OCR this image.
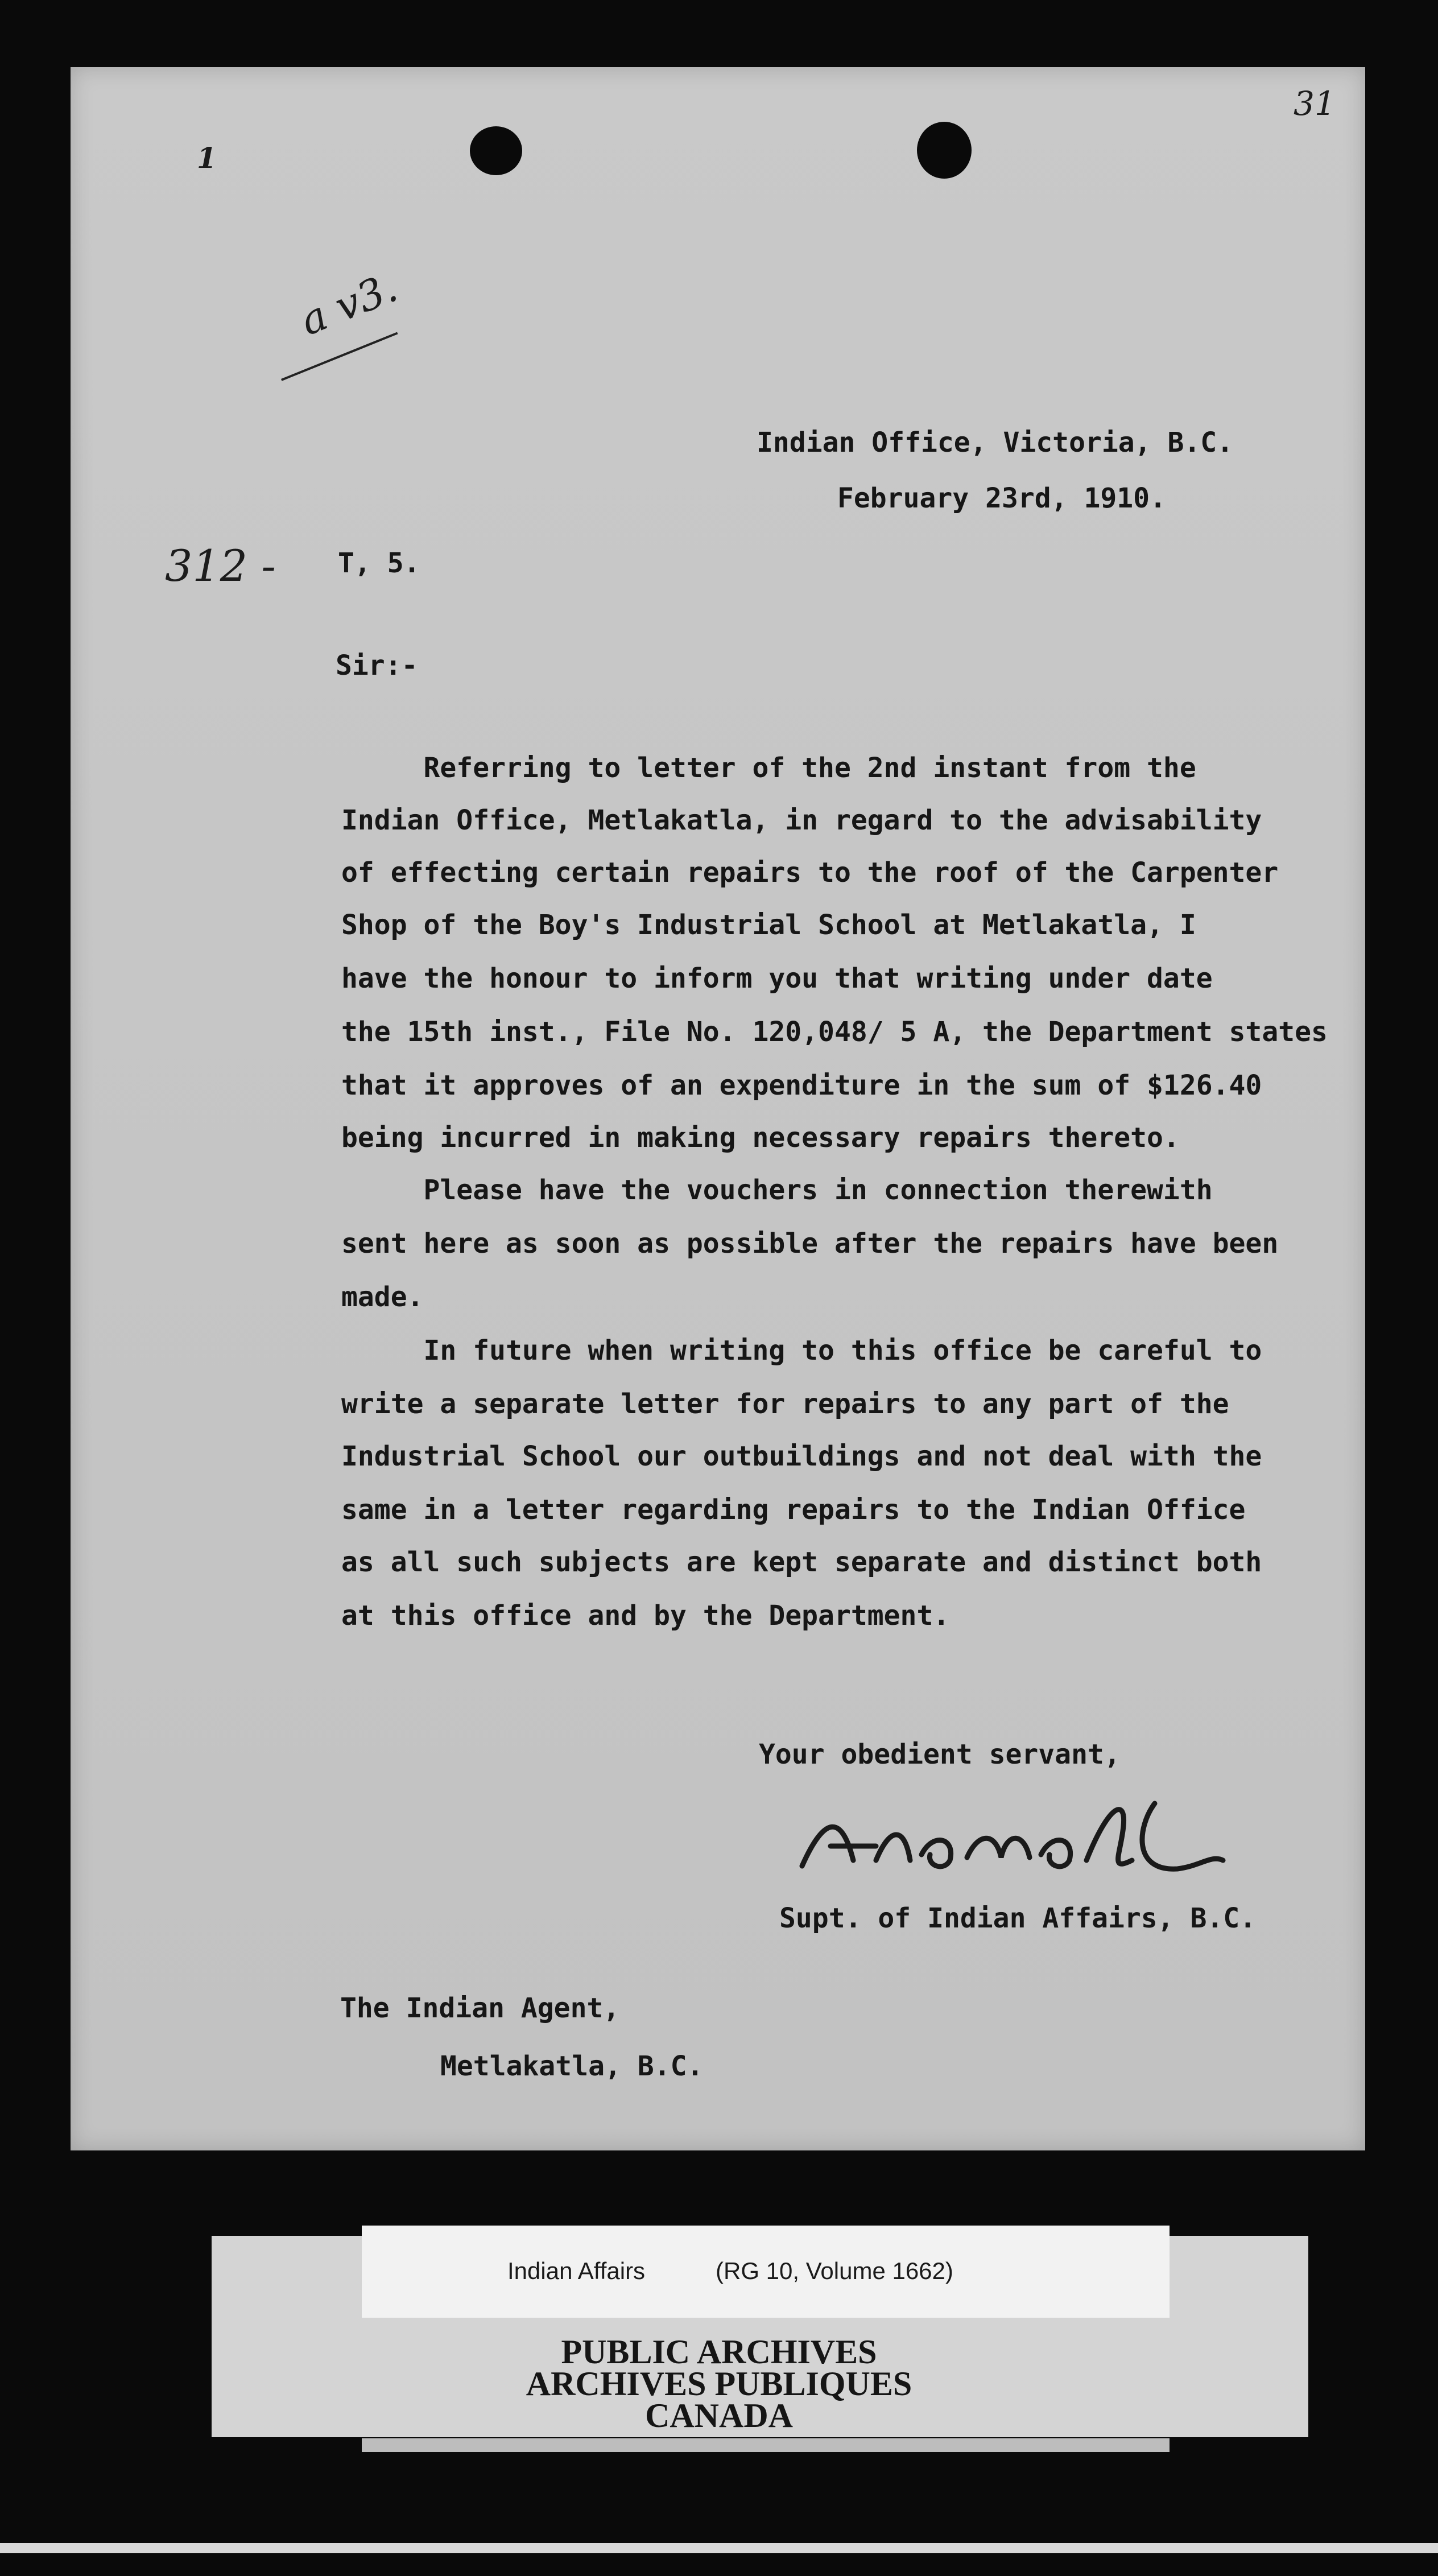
31
1
a v3.
Indian Office, Victoria, B.C.
February 23rd, 1910.
312 - T, 5.
Sir:-
Referring to letter of the 2nd instant from the
Indian Office, Metlakatla, in regard to the advisability
of effecting certain repairs to the roof of the Carpenter
Shop of the Boy's Industrial School at Metlakatla, I
have the honour to inform you that writing under date
the 15th inst., File No. 120,048/ 5 A, the Department states
that it approves of an expenditure in the sum of $126.40
being incurred in making necessary repairs thereto.
Please have the vouchers in connection therewith
sent here as soon as possible after the repairs have been
made.
In future when writing to this office be careful to
write a separate letter for repairs to any part of the
Industrial School our outbuildings and not deal with the
same in a letter regarding repairs to the Indian Office
as all such subjects are kept separate and distinct both
at this office and by the Department.
Your obedient servant,
Supt. of Indian Affairs, B.C.
The Indian Agent,
Metlakatla, B.C.
Indian Affairs	(RG 10, Volume 1662)
PUBLIC ARCHIVES
ARCHIVES PUBLIQUES
CANADA
